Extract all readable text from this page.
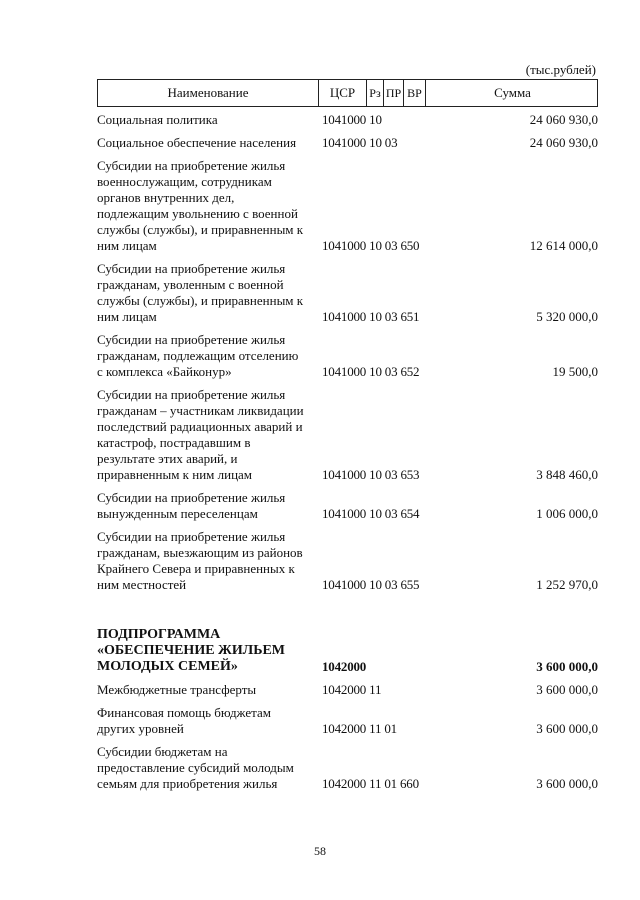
(тыс.рублей)
Наименование	ЦСР	Рз ПР ВР	Сумма
Социальная политика	1041000 10	24 060 930,0
Социальное обеспечение населения	1041000 10 03	24 060 930,0
Субсидии на приобретение жилья
военнослужащим, сотрудникам
органов внутренних дел,
подлежащим увольнению с военной
службы (службы), и приравненным к
ним лицам	1041000 10 03 650	12 614 000,0
Субсидии на приобретение жилья
гражданам, уволенным с военной
службы (службы), и приравненным к
ним лицам	1041000 10 03 651	5 320 000,0
Субсидии на приобретение жилья
гражданам, подлежащим отселению
с комплекса «Байконур»	1041000 10 03 652	19 500,0
Субсидии на приобретение жилья
гражданам – участникам ликвидации
последствий радиационных аварий и
катастроф, пострадавшим в
результате этих аварий, и
приравненным к ним лицам	1041000 10 03 653	3 848 460,0
Субсидии на приобретение жилья
вынужденным переселенцам	1041000 10 03 654	1 006 000,0
Субсидии на приобретение жилья
гражданам, выезжающим из районов
Крайнего Севера и приравненных к
ним местностей	1041000 10 03 655	1 252 970,0
ПОДПРОГРАММА
«ОБЕСПЕЧЕНИЕ ЖИЛЬЕМ
МОЛОДЫХ СЕМЕЙ»	1042000	3 600 000,0
Межбюджетные трансферты	1042000 11	3 600 000,0
Финансовая помощь бюджетам
других уровней	1042000 11 01	3 600 000,0
Субсидии бюджетам на
предоставление субсидий молодым
семьям для приобретения жилья	1042000 11 01 660	3 600 000,0
58
